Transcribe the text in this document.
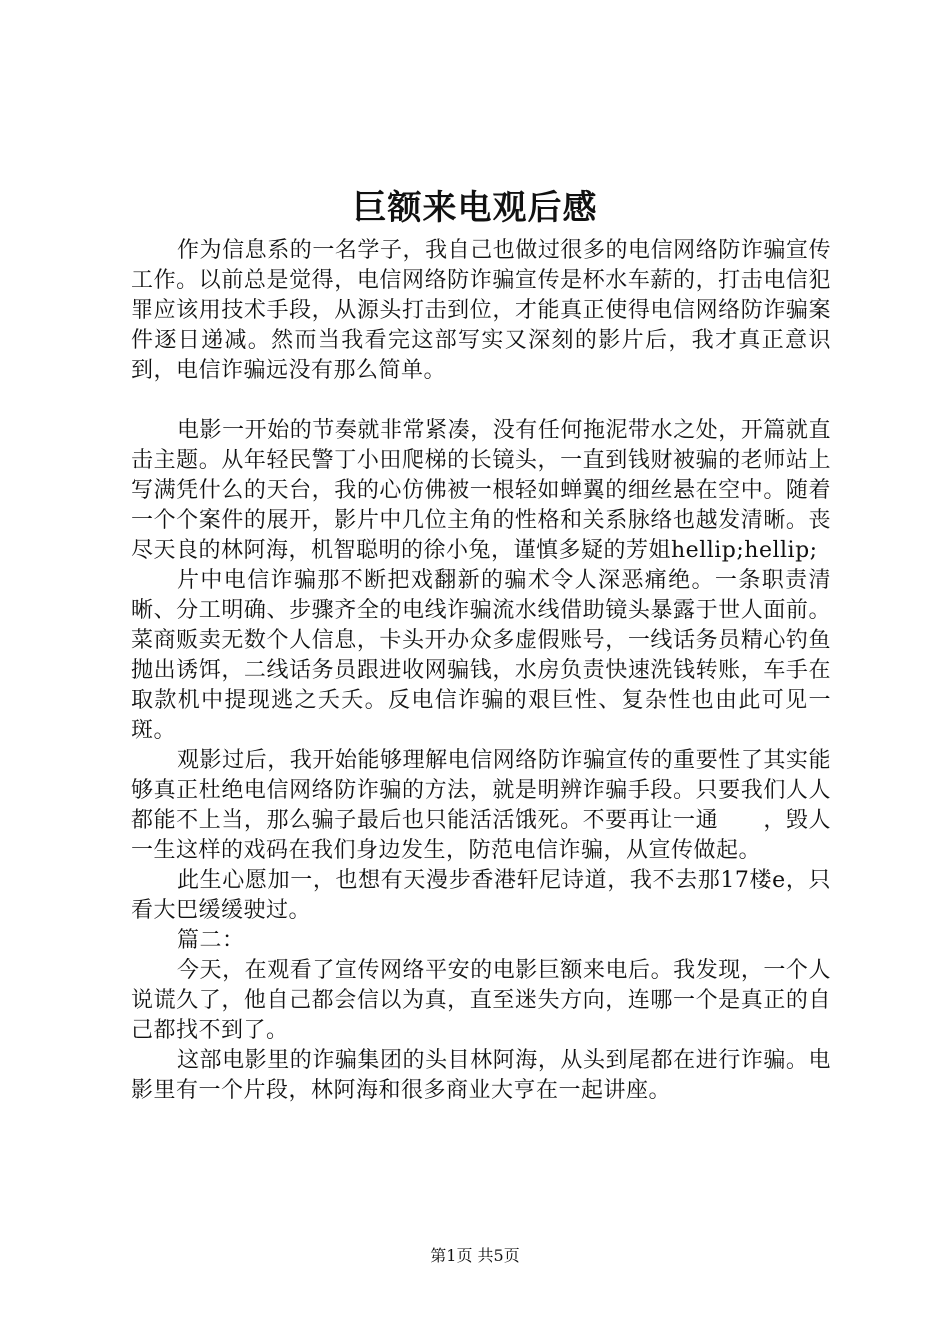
巨额来电观后感

作为信息系的一名学子，我自己也做过很多的电信网络防诈骗宣传工作。以前总是觉得，电信网络防诈骗宣传是杯水车薪的，打击电信犯罪应该用技术手段，从源头打击到位，才能真正使得电信网络防诈骗案件逐日递减。然而当我看完这部写实又深刻的影片后，我才真正意识到，电信诈骗远没有那么简单。

电影一开始的节奏就非常紧凑，没有任何拖泥带水之处，开篇就直击主题。从年轻民警丁小田爬梯的长镜头，一直到钱财被骗的老师站上写满凭什么的天台，我的心仿佛被一根轻如蝉翼的细丝悬在空中。随着一个个案件的展开，影片中几位主角的性格和关系脉络也越发清晰。丧尽天良的林阿海，机智聪明的徐小兔，谨慎多疑的芳姐hellip;hellip;

片中电信诈骗那不断把戏翻新的骗术令人深恶痛绝。一条职责清晰、分工明确、步骤齐全的电线诈骗流水线借助镜头暴露于世人面前。菜商贩卖无数个人信息，卡头开办众多虚假账号，一线话务员精心钓鱼抛出诱饵，二线话务员跟进收网骗钱，水房负责快速洗钱转账，车手在取款机中提现逃之夭夭。反电信诈骗的艰巨性、复杂性也由此可见一斑。

观影过后，我开始能够理解电信网络防诈骗宣传的重要性了其实能够真正杜绝电信网络防诈骗的方法，就是明辨诈骗手段。只要我们人人都能不上当，那么骗子最后也只能活活饿死。不要再让一通　　，毁人一生这样的戏码在我们身边发生，防范电信诈骗，从宣传做起。

此生心愿加一，也想有天漫步香港轩尼诗道，我不去那17楼e，只看大巴缓缓驶过。

篇二：

今天，在观看了宣传网络平安的电影巨额来电后。我发现，一个人说谎久了，他自己都会信以为真，直至迷失方向，连哪一个是真正的自己都找不到了。

这部电影里的诈骗集团的头目林阿海，从头到尾都在进行诈骗。电影里有一个片段，林阿海和很多商业大亨在一起讲座。

第1页 共5页
